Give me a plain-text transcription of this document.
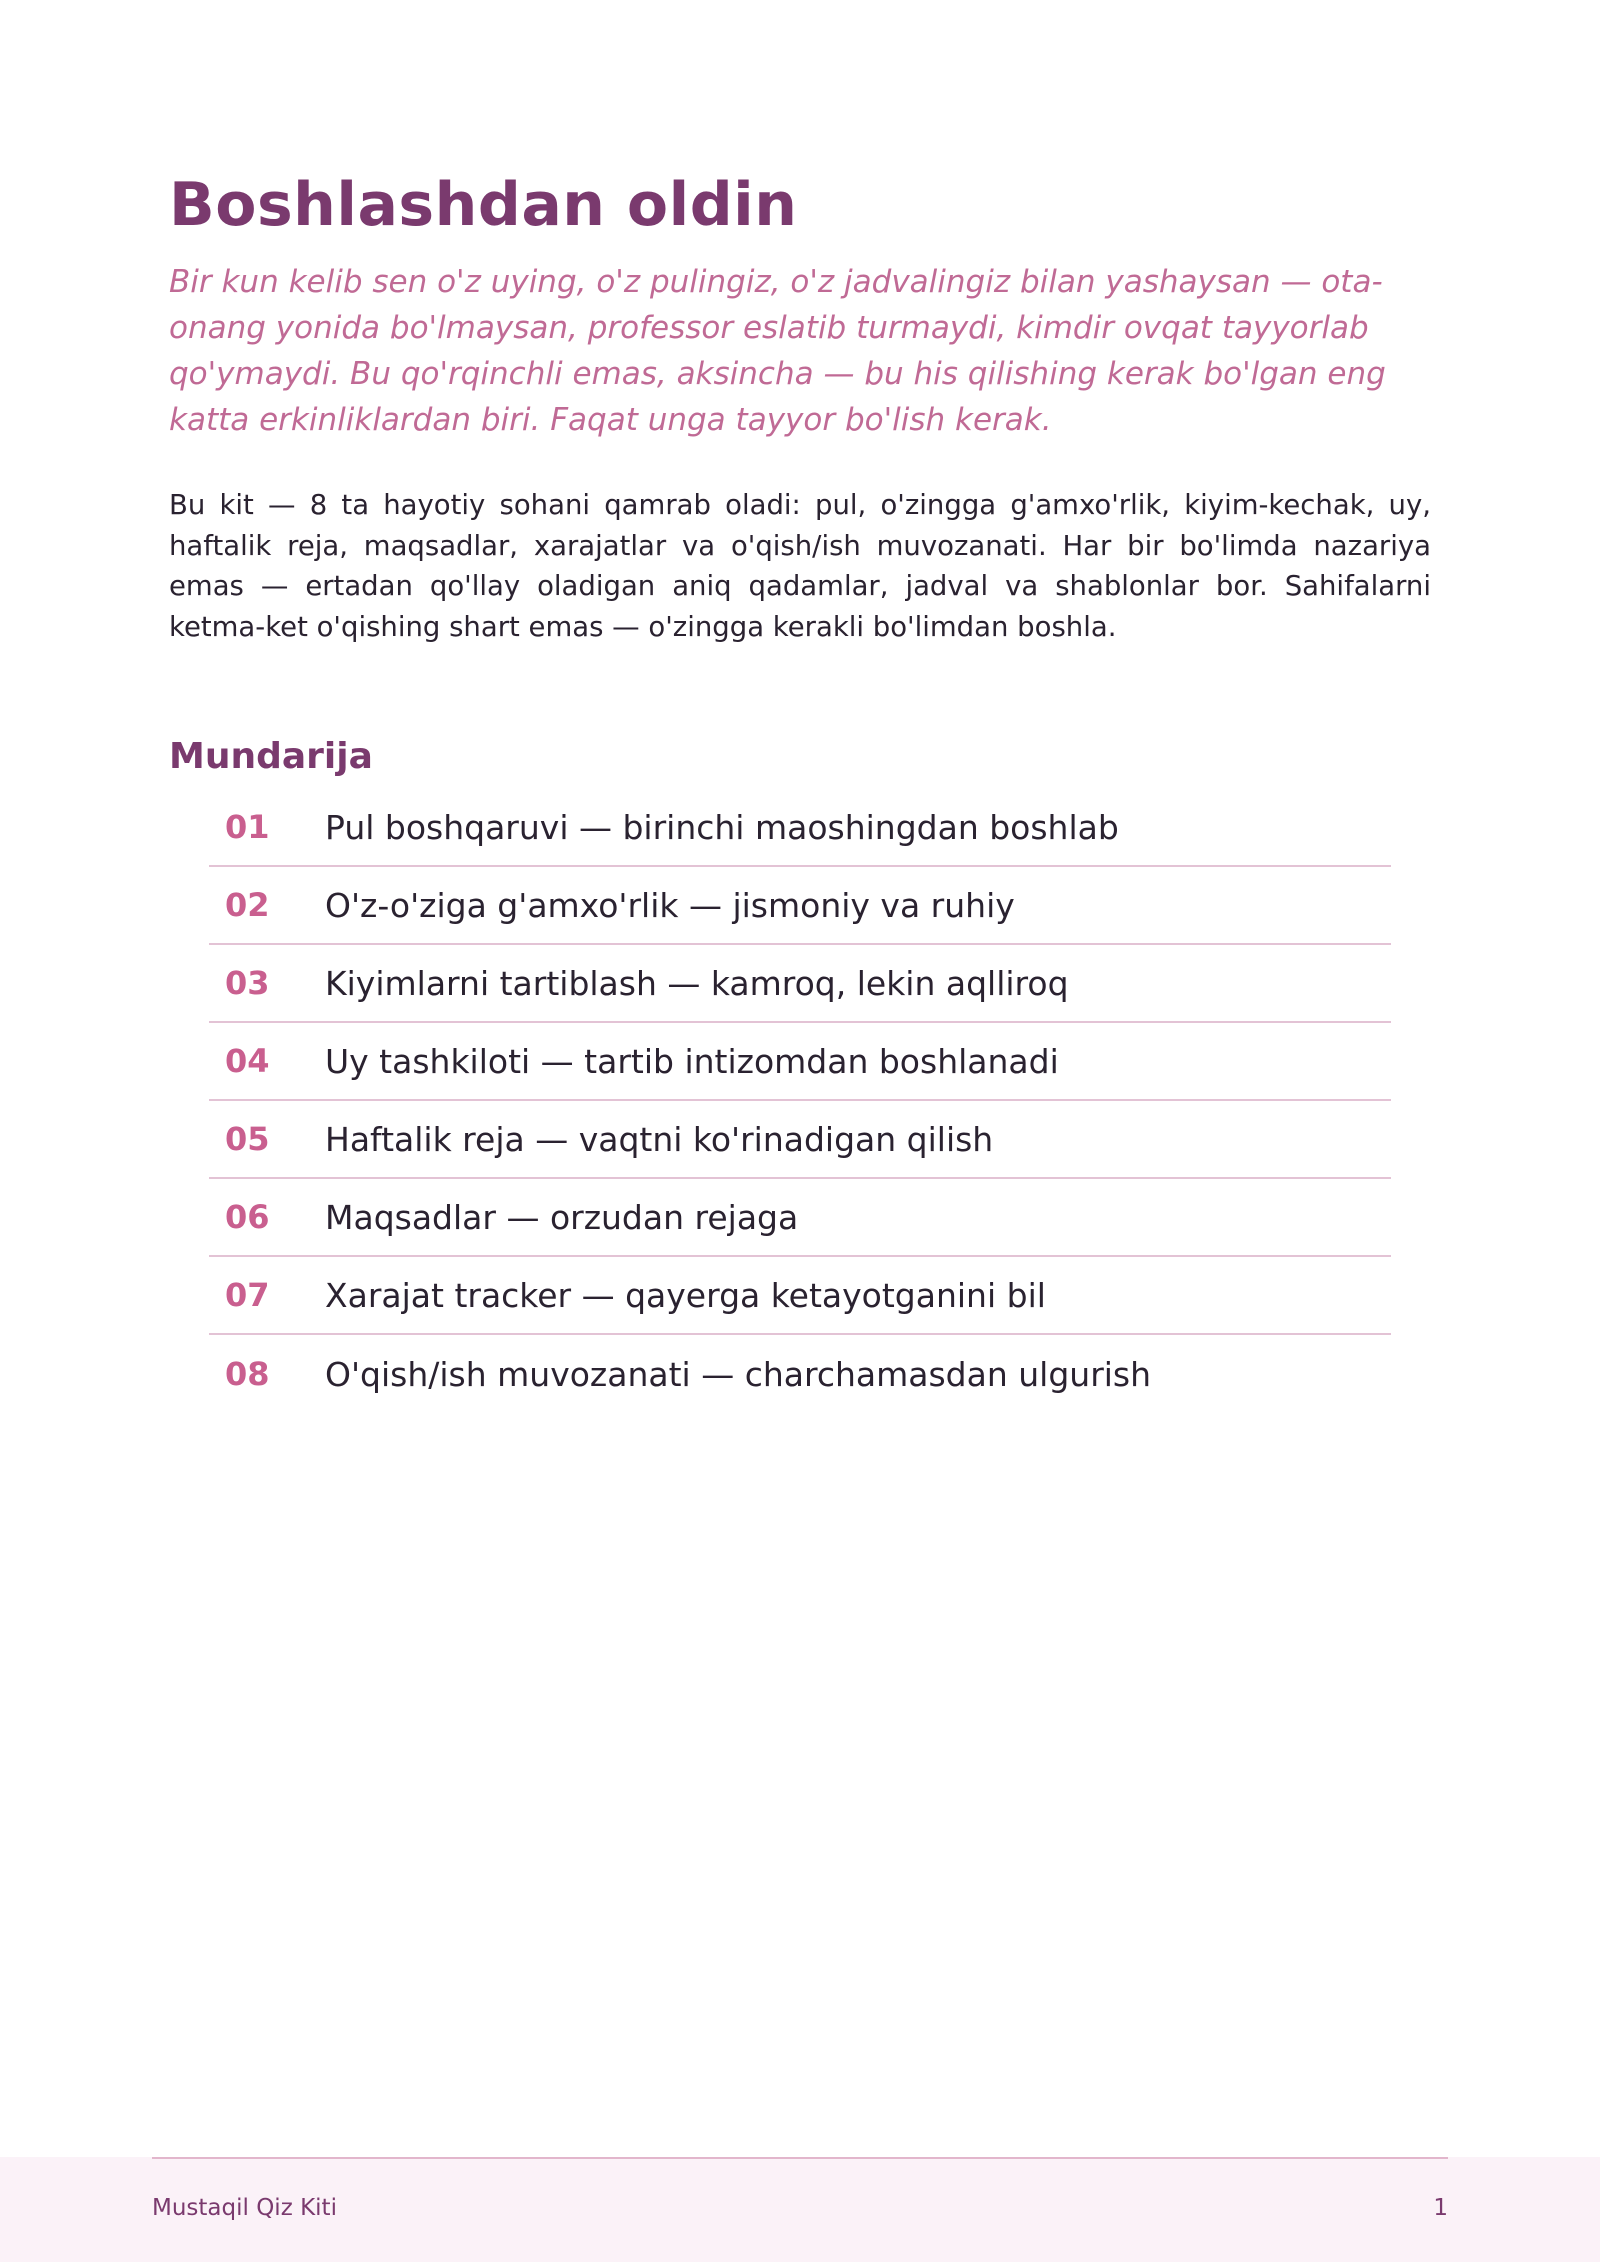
Boshlashdan oldin

Bir kun kelib sen o'z uying, o'z pulingiz, o'z jadvalingiz bilan yashaysan — ota-onang yonida bo'lmaysan, professor eslatib turmaydi, kimdir ovqat tayyorlab qo'ymaydi. Bu qo'rqinchli emas, aksincha — bu his qilishing kerak bo'lgan eng katta erkinliklardan biri. Faqat unga tayyor bo'lish kerak.

Bu kit — 8 ta hayotiy sohani qamrab oladi: pul, o'zingga g'amxo'rlik, kiyim-kechak, uy, haftalik reja, maqsadlar, xarajatlar va o'qish/ish muvozanati. Har bir bo'limda nazariya emas — ertadan qo'llay oladigan aniq qadamlar, jadval va shablonlar bor. Sahifalarni ketma-ket o'qishing shart emas — o'zingga kerakli bo'limdan boshla.

Mundarija
01	Pul boshqaruvi — birinchi maoshingdan boshlab
02	O'z-o'ziga g'amxo'rlik — jismoniy va ruhiy
03	Kiyimlarni tartiblash — kamroq, lekin aqlliroq
04	Uy tashkiloti — tartib intizomdan boshlanadi
05	Haftalik reja — vaqtni ko'rinadigan qilish
06	Maqsadlar — orzudan rejaga
07	Xarajat tracker — qayerga ketayotganini bil
08	O'qish/ish muvozanati — charchamasdan ulgurish
Mustaqil Qiz Kiti	1
